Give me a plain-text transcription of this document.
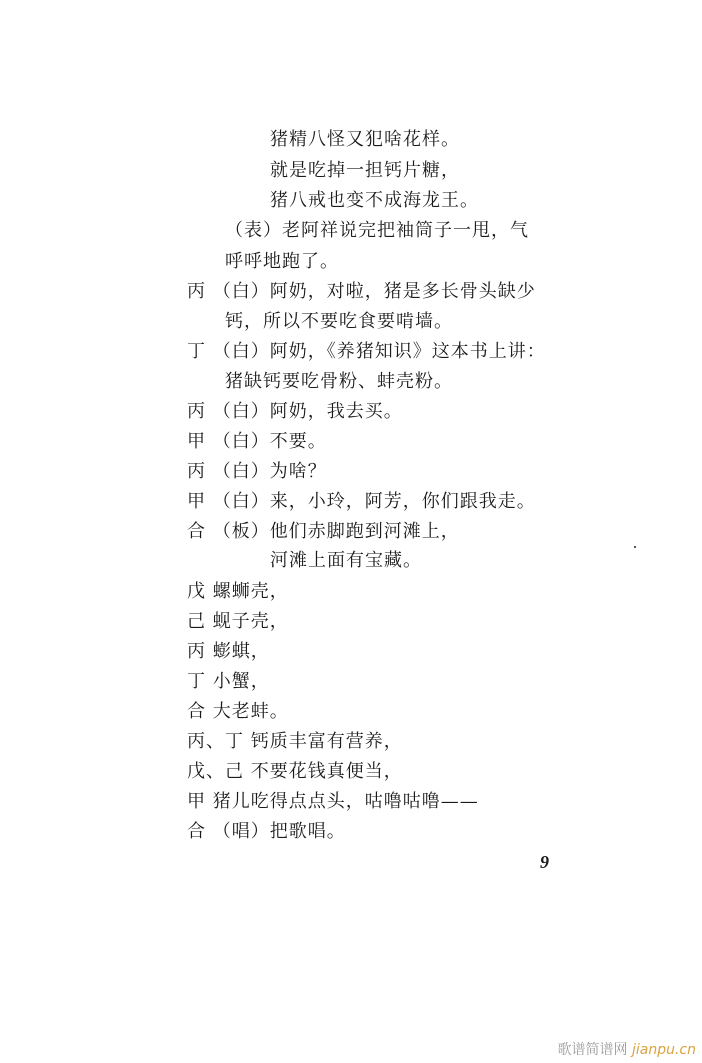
猪精八怪又犯啥花样。
就是吃掉一担钙片糖，
猪八戒也变不成海龙王。
（表）老阿祥说完把袖筒子一甩，气
呼呼地跑了。
丙 （白）阿奶，对啦，猪是多长骨头缺少
钙，所以不要吃食要啃墙。
丁 （白）阿奶，《养猪知识》这本书上讲：
猪缺钙要吃骨粉、蚌壳粉。
丙 （白）阿奶，我去买。
甲 （白）不要。
丙 （白）为啥？
甲 （白）来，小玲，阿芳，你们跟我走。
合 （板）他们赤脚跑到河滩上，
河滩上面有宝藏。
戊 螺蛳壳，
己 蚬子壳，
丙 蟛蜞，
丁 小蟹，
合 大老蚌。
丙、丁 钙质丰富有营养，
戊、己 不要花钱真便当，
甲 猪儿吃得点点头，咕噜咕噜——
合 （唱）把歌唱。
9
歌谱简谱网 jianpu.cn
